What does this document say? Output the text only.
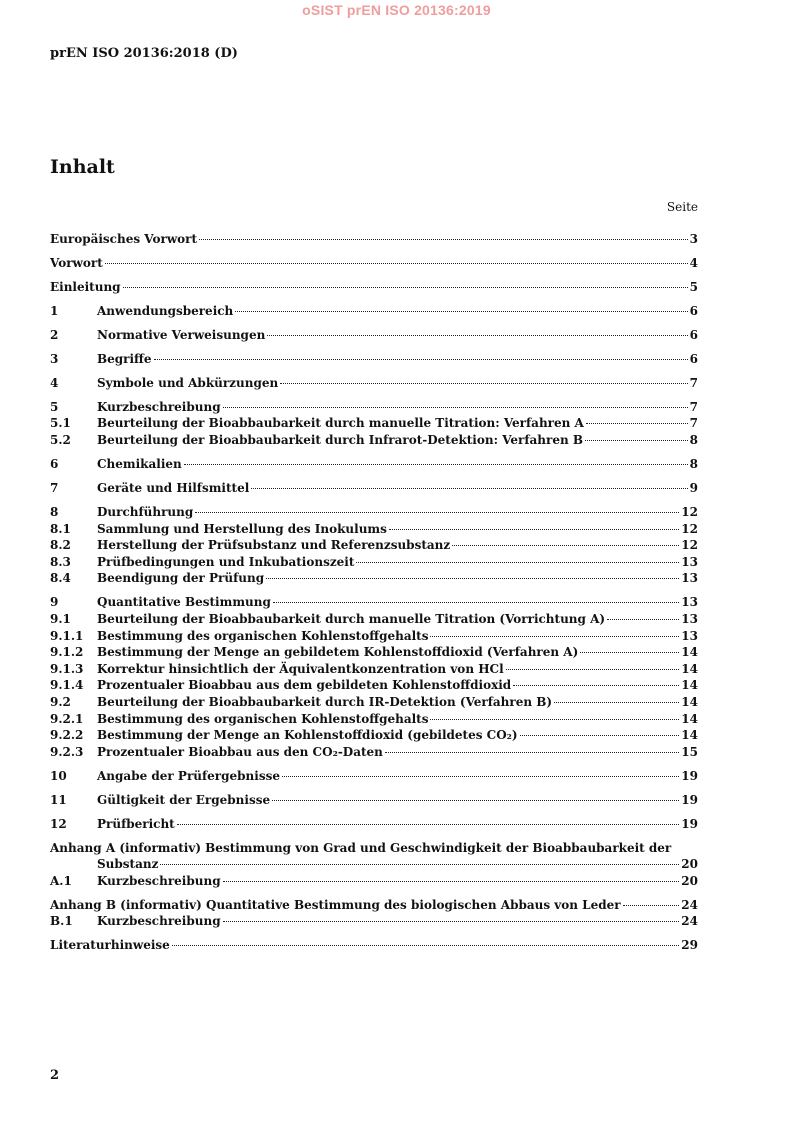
oSIST prEN ISO 20136:2019
prEN ISO 20136:2018 (D)
Inhalt
Seite
Europäisches Vorwort	3
Vorwort	4
Einleitung	5
1	Anwendungsbereich	6
2	Normative Verweisungen	6
3	Begriffe	6
4	Symbole und Abkürzungen	7
5	Kurzbeschreibung	7
5.1	Beurteilung der Bioabbaubarkeit durch manuelle Titration: Verfahren A	7
5.2	Beurteilung der Bioabbaubarkeit durch Infrarot-Detektion: Verfahren B	8
6	Chemikalien	8
7	Geräte und Hilfsmittel	9
8	Durchführung	12
8.1	Sammlung und Herstellung des Inokulums	12
8.2	Herstellung der Prüfsubstanz und Referenzsubstanz	12
8.3	Prüfbedingungen und Inkubationszeit	13
8.4	Beendigung der Prüfung	13
9	Quantitative Bestimmung	13
9.1	Beurteilung der Bioabbaubarkeit durch manuelle Titration (Vorrichtung A)	13
9.1.1	Bestimmung des organischen Kohlenstoffgehalts	13
9.1.2	Bestimmung der Menge an gebildetem Kohlenstoffdioxid (Verfahren A)	14
9.1.3	Korrektur hinsichtlich der Äquivalentkonzentration von HCl	14
9.1.4	Prozentualer Bioabbau aus dem gebildeten Kohlenstoffdioxid	14
9.2	Beurteilung der Bioabbaubarkeit durch IR-Detektion (Verfahren B)	14
9.2.1	Bestimmung des organischen Kohlenstoffgehalts	14
9.2.2	Bestimmung der Menge an Kohlenstoffdioxid (gebildetes CO₂)	14
9.2.3	Prozentualer Bioabbau aus den CO₂-Daten	15
10	Angabe der Prüfergebnisse	19
11	Gültigkeit der Ergebnisse	19
12	Prüfbericht	19
Anhang A (informativ) Bestimmung von Grad und Geschwindigkeit der Bioabbaubarkeit der
Substanz	20
A.1	Kurzbeschreibung	20
Anhang B (informativ) Quantitative Bestimmung des biologischen Abbaus von Leder	24
B.1	Kurzbeschreibung	24
Literaturhinweise	29
2
